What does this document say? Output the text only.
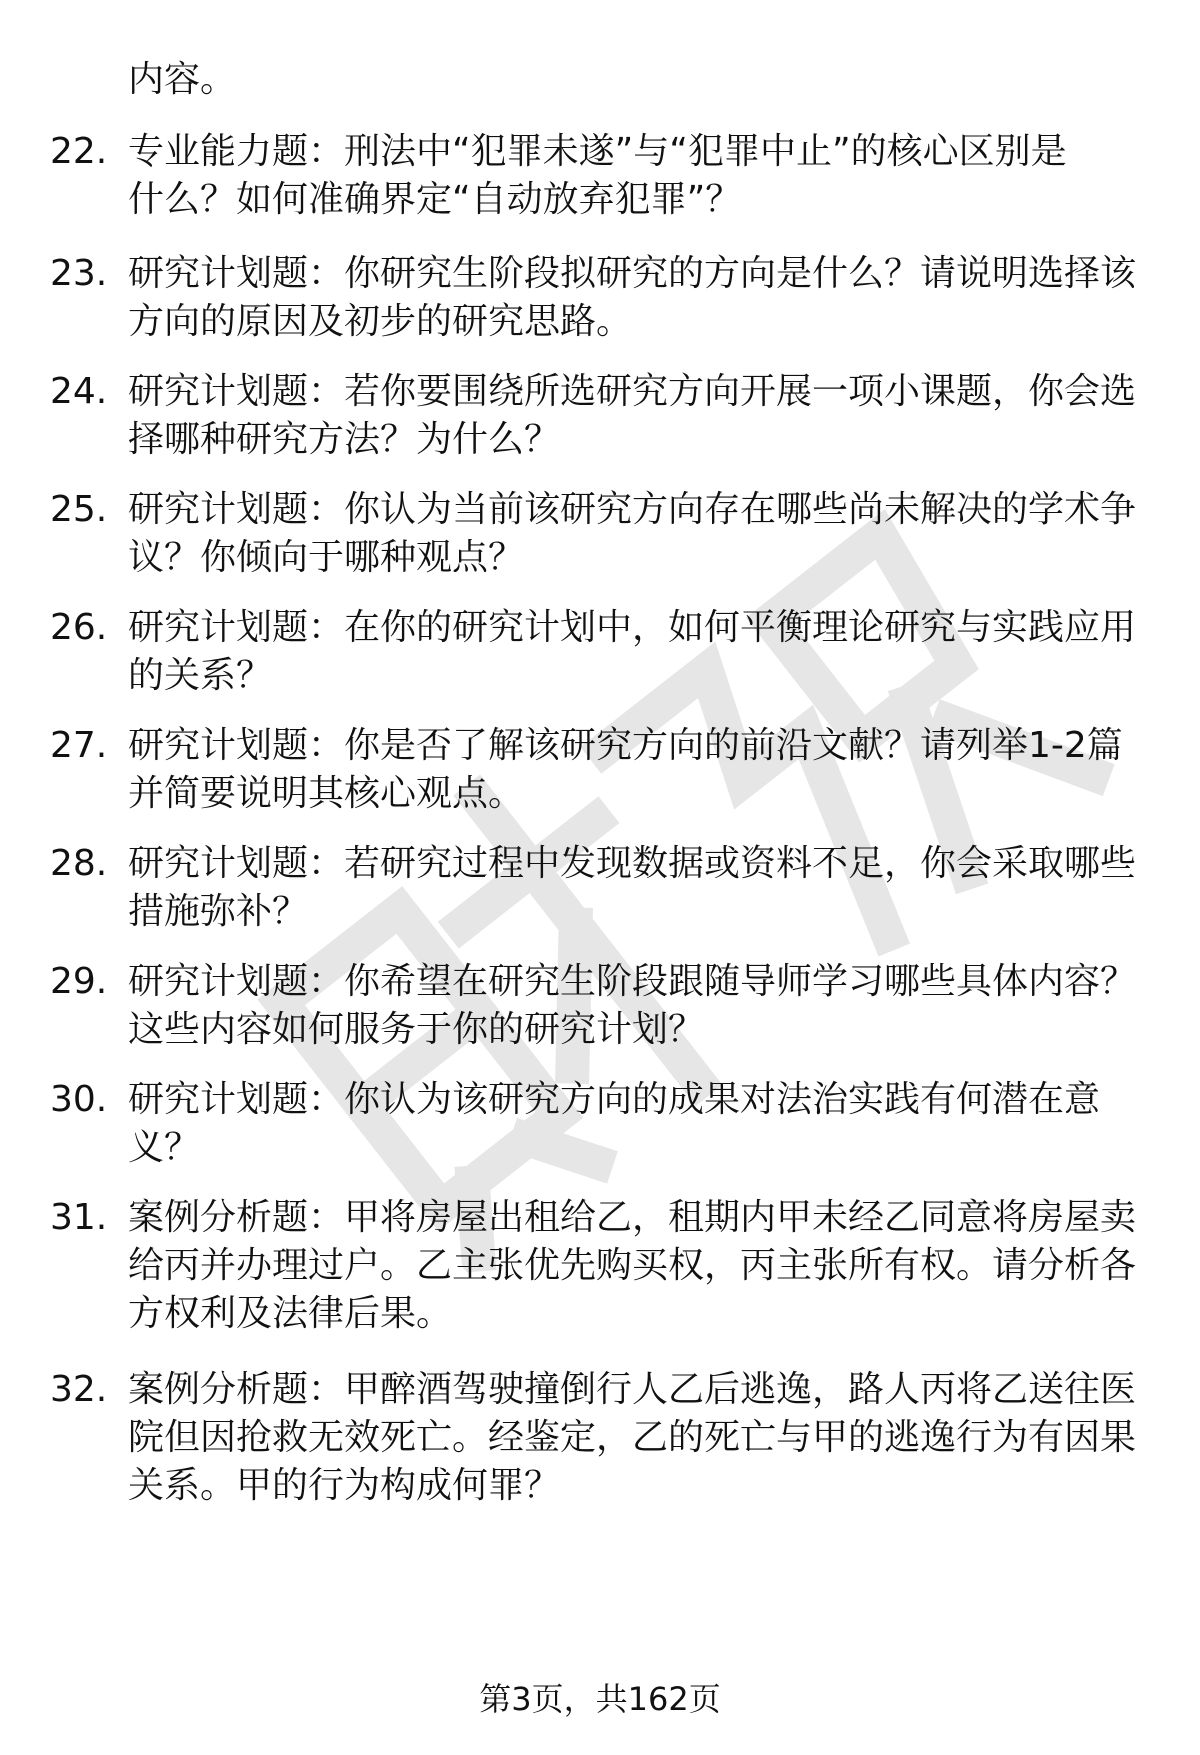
内容。
22. 专业能力题：刑法中“犯罪未遂”与“犯罪中止”的核心区别是
什么？如何准确界定“自动放弃犯罪”？
23. 研究计划题：你研究生阶段拟研究的方向是什么？请说明选择该
方向的原因及初步的研究思路。
24. 研究计划题：若你要围绕所选研究方向开展一项小课题，你会选
择哪种研究方法？为什么？
25. 研究计划题：你认为当前该研究方向存在哪些尚未解决的学术争
议？你倾向于哪种观点？
26. 研究计划题：在你的研究计划中，如何平衡理论研究与实践应用
的关系？
27. 研究计划题：你是否了解该研究方向的前沿文献？请列举1-2篇
并简要说明其核心观点。
28. 研究计划题：若研究过程中发现数据或资料不足，你会采取哪些
措施弥补？
29. 研究计划题：你希望在研究生阶段跟随导师学习哪些具体内容？
这些内容如何服务于你的研究计划？
30. 研究计划题：你认为该研究方向的成果对法治实践有何潜在意
义？
31. 案例分析题：甲将房屋出租给乙，租期内甲未经乙同意将房屋卖
给丙并办理过户。乙主张优先购买权，丙主张所有权。请分析各
方权利及法律后果。
32. 案例分析题：甲醉酒驾驶撞倒行人乙后逃逸，路人丙将乙送往医
院但因抢救无效死亡。经鉴定，乙的死亡与甲的逃逸行为有因果
关系。甲的行为构成何罪？
第3页，共162页
